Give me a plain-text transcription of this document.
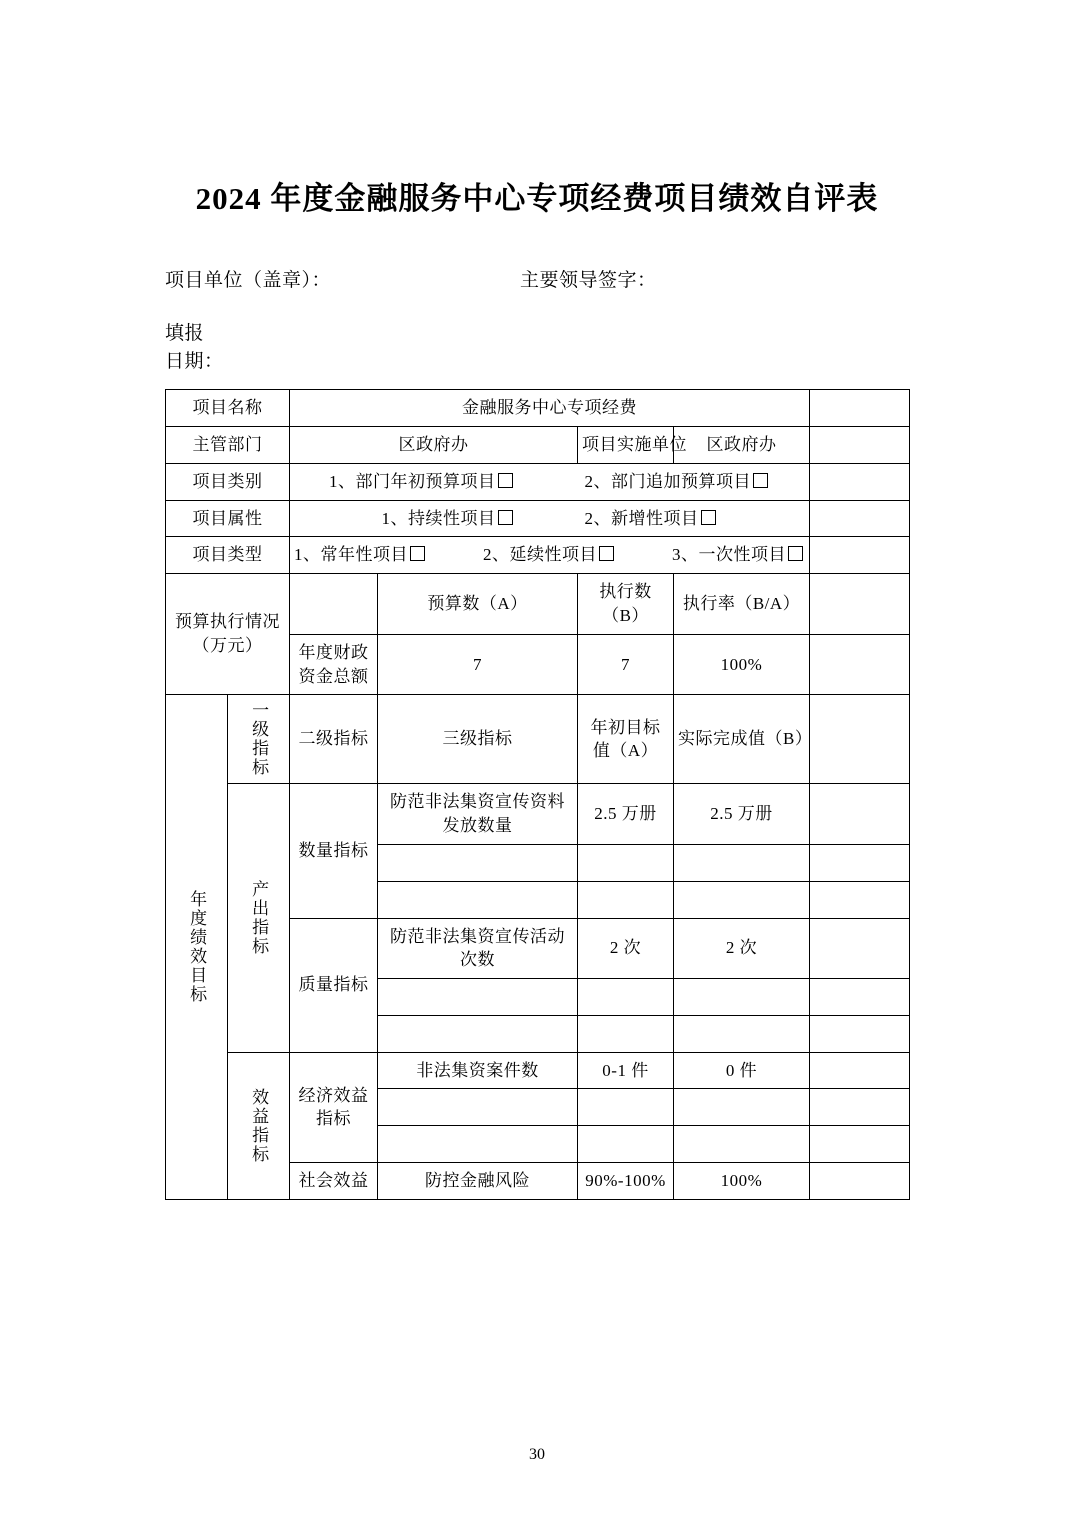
2024 年度金融服务中心专项经费项目绩效自评表
项目单位（盖章）：	主要领导签字：
填报
日期：
项目名称		金融服务中心专项经费				
主管部门		区政府办		项目实施单位	区政府办	
项目类别		1、部门年初预算项目 2、部门追加预算项目				
项目属性		1、持续性项目 2、新增性项目				
项目类型		1、常年性项目 2、延续性项目 3、一次性项目				

预算执行情况
（万元）			预算数（A）	执行数（B）	执行率（B/A）	
		年度财政资金总额	7	7	100%	

年度绩效目标	一级指标	二级指标	三级指标	年初目标值（A）	实际完成值（B）	

	产出指标	数量指标	防范非法集资宣传资料发放数量	2.5 万册	2.5 万册	

		质量指标	防范非法集资宣传活动次数	2 次	2 次	

	效益指标	经济效益指标	非法集资案件数	0-1 件	0 件	

		社会效益	防控金融风险	90%-100%	100%	
30
